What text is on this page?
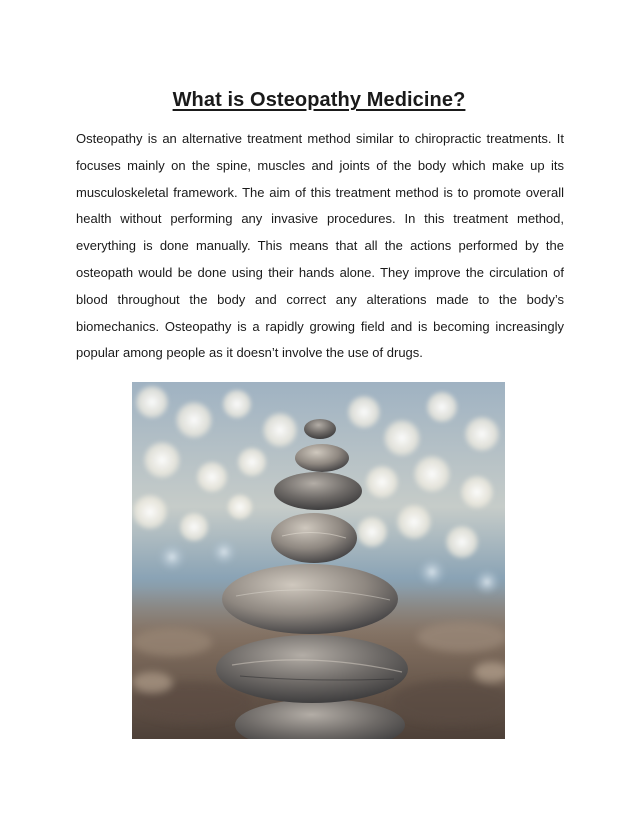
What is Osteopathy Medicine?

Osteopathy is an alternative treatment method similar to chiropractic treatments. It focuses mainly on the spine, muscles and joints of the body which make up its musculoskeletal framework. The aim of this treatment method is to promote overall health without performing any invasive procedures. In this treatment method, everything is done manually. This means that all the actions performed by the osteopath would be done using their hands alone. They improve the circulation of blood throughout the body and correct any alterations made to the body’s biomechanics. Osteopathy is a rapidly growing field and is becoming increasingly popular among people as it doesn’t involve the use of drugs.
